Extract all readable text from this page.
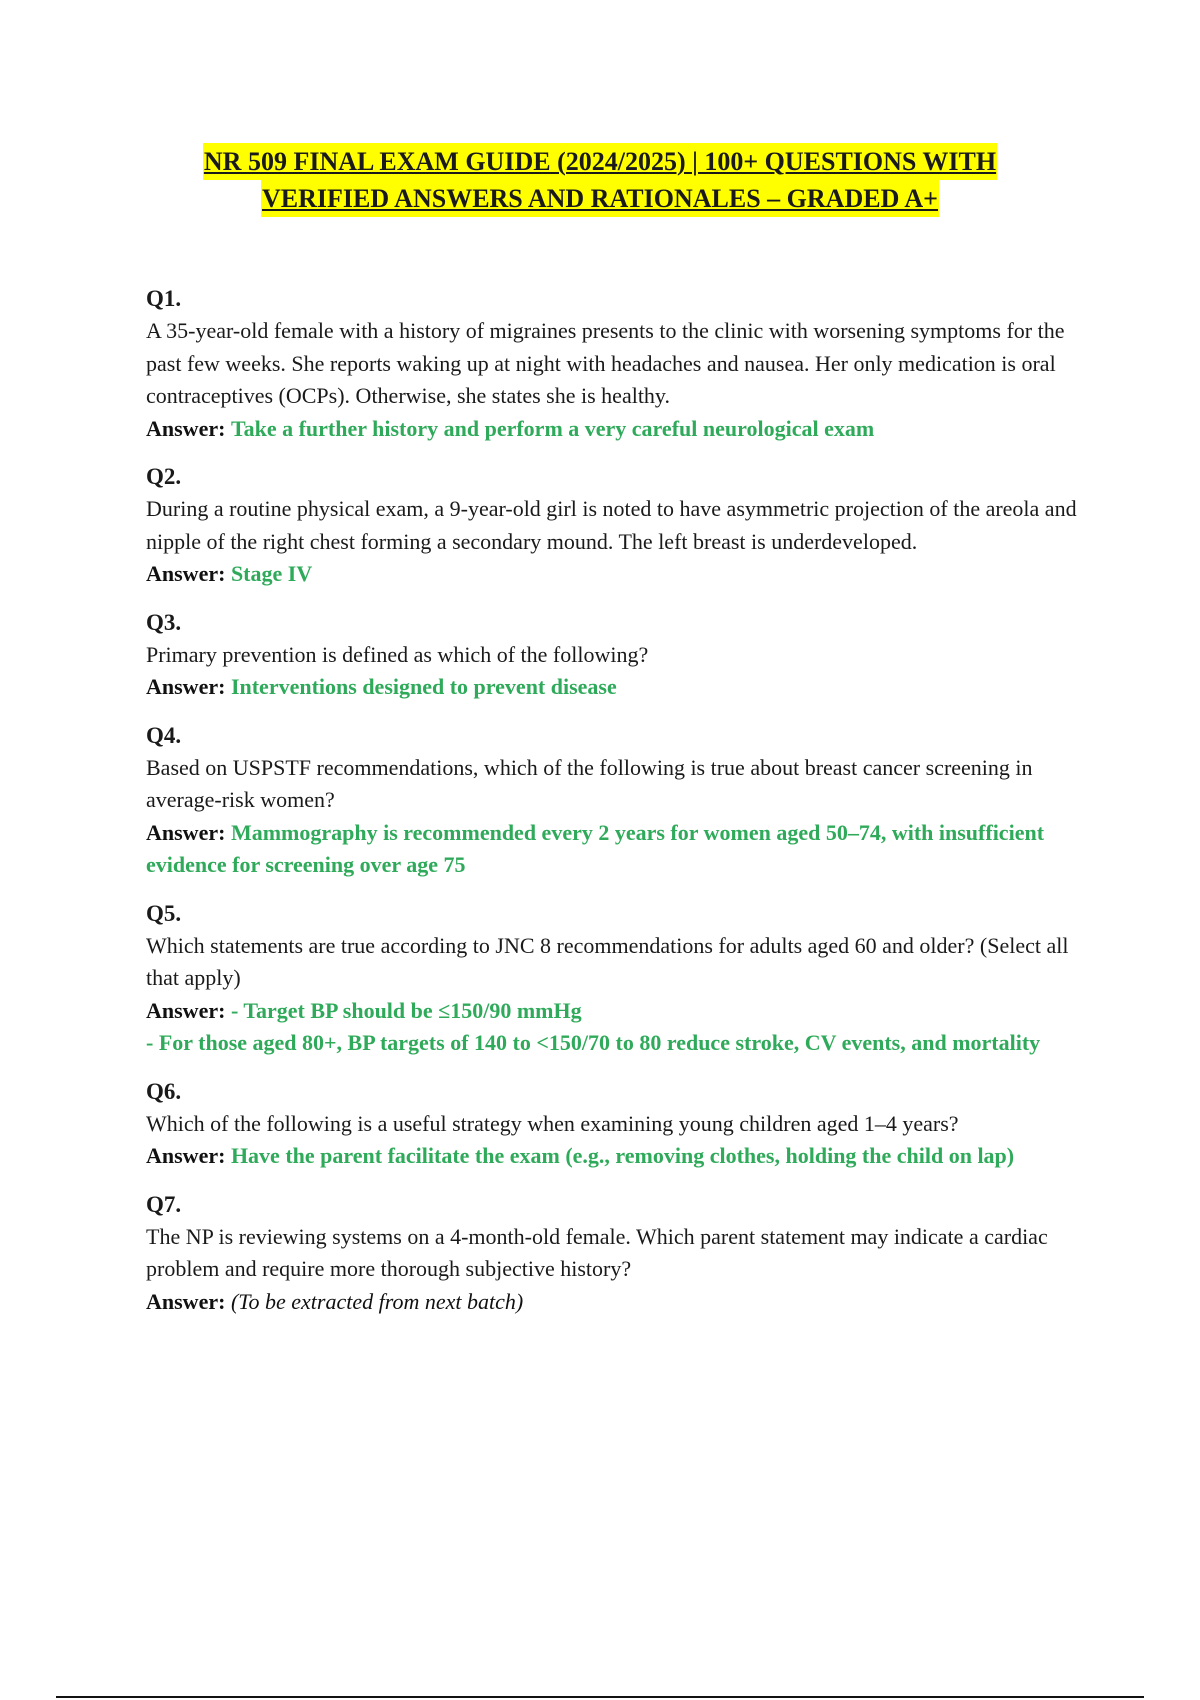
NR 509 FINAL EXAM GUIDE (2024/2025) | 100+ QUESTIONS WITH
VERIFIED ANSWERS AND RATIONALES – GRADED A+
Q1.

A 35-year-old female with a history of migraines presents to the clinic with worsening symptoms for the past few weeks. She reports waking up at night with headaches and nausea. Her only medication is oral contraceptives (OCPs). Otherwise, she states she is healthy.

Answer: Take a further history and perform a very careful neurological exam

Q2.

During a routine physical exam, a 9-year-old girl is noted to have asymmetric projection of the areola and nipple of the right chest forming a secondary mound. The left breast is underdeveloped.

Answer: Stage IV

Q3.

Primary prevention is defined as which of the following?

Answer: Interventions designed to prevent disease

Q4.

Based on USPSTF recommendations, which of the following is true about breast cancer screening in average-risk women?

Answer: Mammography is recommended every 2 years for women aged 50–74, with insufficient evidence for screening over age 75

Q5.

Which statements are true according to JNC 8 recommendations for adults aged 60 and older? (Select all that apply)

Answer: - Target BP should be ≤150/90 mmHg

- For those aged 80+, BP targets of 140 to <150/70 to 80 reduce stroke, CV events, and mortality

Q6.

Which of the following is a useful strategy when examining young children aged 1–4 years?

Answer: Have the parent facilitate the exam (e.g., removing clothes, holding the child on lap)

Q7.

The NP is reviewing systems on a 4-month-old female. Which parent statement may indicate a cardiac problem and require more thorough subjective history?

Answer: (To be extracted from next batch)
